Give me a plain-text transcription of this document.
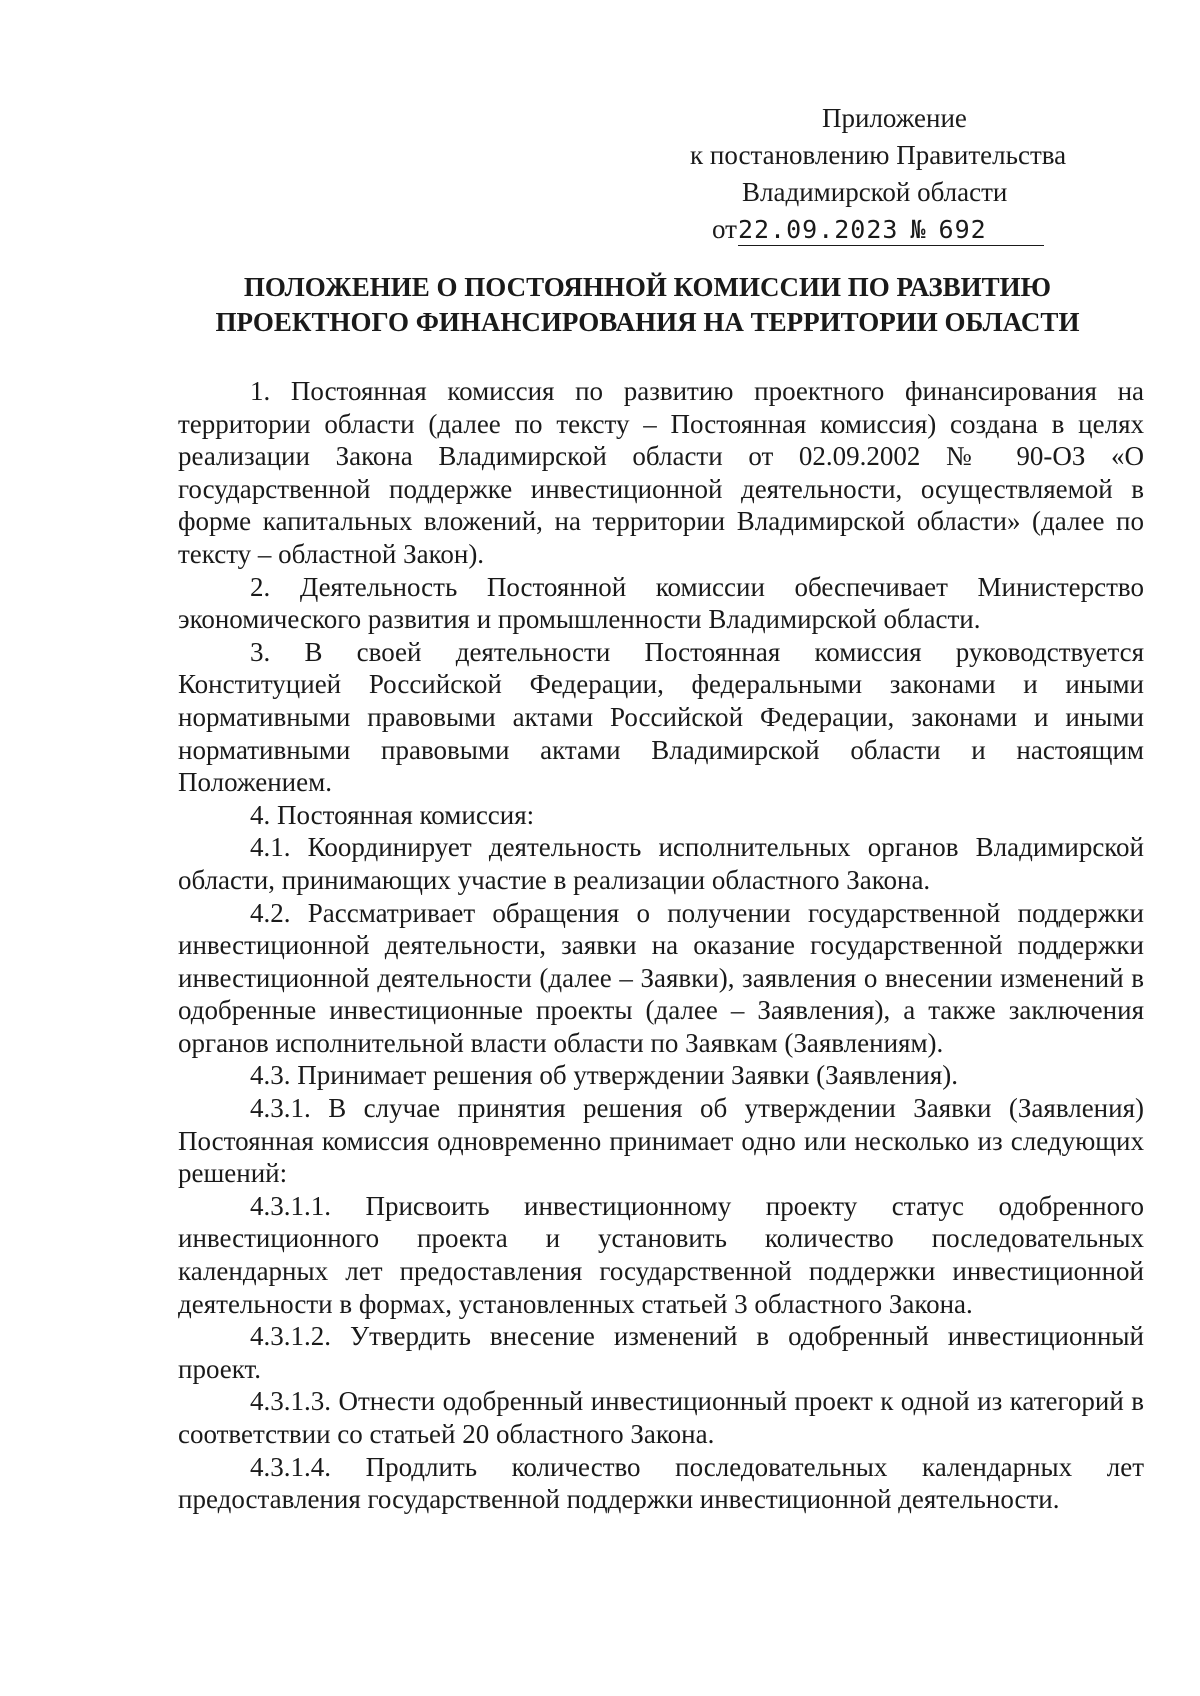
Приложение
к постановлению Правительства
Владимирской области
от22.09.2023 № 692
ПОЛОЖЕНИЕ О ПОСТОЯННОЙ КОМИССИИ ПО РАЗВИТИЮ
ПРОЕКТНОГО ФИНАНСИРОВАНИЯ НА ТЕРРИТОРИИ ОБЛАСТИ

1. Постоянная комиссия по развитию проектного финансирования на территории области (далее по тексту – Постоянная комиссия) создана в целях реализации Закона Владимирской области от 02.09.2002 № 90-ОЗ «О государственной поддержке инвестиционной деятельности, осуществляемой в форме капитальных вложений, на территории Владимирской области» (далее по тексту – областной Закон).

2. Деятельность Постоянной комиссии обеспечивает Министерство экономического развития и промышленности Владимирской области.

3. В своей деятельности Постоянная комиссия руководствуется Конституцией Российской Федерации, федеральными законами и иными нормативными правовыми актами Российской Федерации, законами и иными нормативными правовыми актами Владимирской области и настоящим Положением.

4. Постоянная комиссия:

4.1. Координирует деятельность исполнительных органов Владимирской области, принимающих участие в реализации областного Закона.

4.2. Рассматривает обращения о получении государственной поддержки инвестиционной деятельности, заявки на оказание государственной поддержки инвестиционной деятельности (далее – Заявки), заявления о внесении изменений в одобренные инвестиционные проекты (далее – Заявления), а также заключения органов исполнительной власти области по Заявкам (Заявлениям).

4.3. Принимает решения об утверждении Заявки (Заявления).

4.3.1. В случае принятия решения об утверждении Заявки (Заявления) Постоянная комиссия одновременно принимает одно или несколько из следующих решений:

4.3.1.1. Присвоить инвестиционному проекту статус одобренного инвестиционного проекта и установить количество последовательных календарных лет предоставления государственной поддержки инвестиционной деятельности в формах, установленных статьей 3 областного Закона.

4.3.1.2. Утвердить внесение изменений в одобренный инвестиционный проект.

4.3.1.3. Отнести одобренный инвестиционный проект к одной из категорий в соответствии со статьей 20 областного Закона.

4.3.1.4. Продлить количество последовательных календарных лет предоставления государственной поддержки инвестиционной деятельности.
